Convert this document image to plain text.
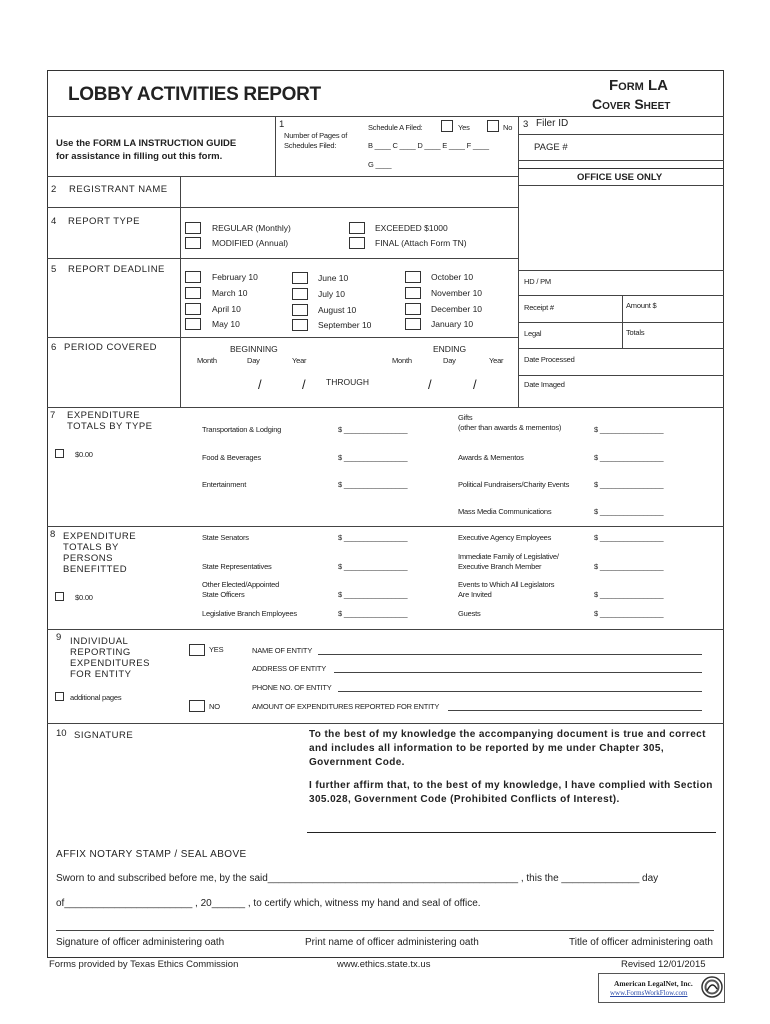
LOBBY ACTIVITIES REPORT	Form LA
Cover Sheet
Use the FORM LA INSTRUCTION GUIDE
for assistance in filling out this form.
1
Number of Pages of
Schedules Filed:
Schedule A Filed:	Yes	No
B ____ C ____ D ____ E ____ F ____
G ____
3 Filer ID
PAGE #
OFFICE USE ONLY
HD / PM
Receipt #	Amount $
Legal	Totals
Date Processed
Date Imaged
2 REGISTRANT NAME
4 REPORT TYPE
REGULAR (Monthly)
MODIFIED (Annual)
EXCEEDED $1000
FINAL (Attach Form TN)
5 REPORT DEADLINE
February 10
March 10
April 10
May 10
June 10
July 10
August 10
September 10
October 10
November 10
December 10
January 10
6 PERIOD COVERED	BEGINNING
Month	Day	Year
ENDING
Month	Day	Year
/	/ THROUGH	/	/
7 EXPENDITURE
TOTALS BY TYPE
$0.00
Transportation & Lodging	$ ________________
Food & Beverages	$ ________________
Entertainment	$ ________________
Gifts
(other than awards & mementos)	$ ________________
Awards & Mementos	$ ________________
Political Fundraisers/Charity Events	$ ________________
Mass Media Communications	$ ________________
8 EXPENDITURE
TOTALS BY
PERSONS
BENEFITTED
$0.00
State Senators	$ ________________
State Representatives	$ ________________
Other Elected/Appointed
State Officers	$ ________________
Legislative Branch Employees	$ ________________
Executive Agency Employees	$ ________________
Immediate Family of Legislative/
Executive Branch Member	$ ________________
Events to Which All Legislators
Are Invited	$ ________________
Guests	$ ________________
9 INDIVIDUAL
REPORTING
EXPENDITURES
FOR ENTITY
additional pages
YES
NO
NAME OF ENTITY
ADDRESS OF ENTITY
PHONE NO. OF ENTITY
AMOUNT OF EXPENDITURES REPORTED FOR ENTITY
10 SIGNATURE	To the best of my knowledge the accompanying document is true and correct and includes all information to be reported by me under Chapter 305, Government Code.
I further affirm that, to the best of my knowledge, I have complied with Section 305.028, Government Code (Prohibited Conflicts of Interest).
AFFIX NOTARY STAMP / SEAL ABOVE
Sworn to and subscribed before me, by the said_____________________________________________ , this the ______________ day
of_______________________ , 20______ , to certify which, witness my hand and seal of office.
Signature of officer administering oath	Print name of officer administering oath	Title of officer administering oath
Forms provided by Texas Ethics Commission	www.ethics.state.tx.us	Revised 12/01/2015
American LegalNet, Inc.
www.FormsWorkFlow.com
